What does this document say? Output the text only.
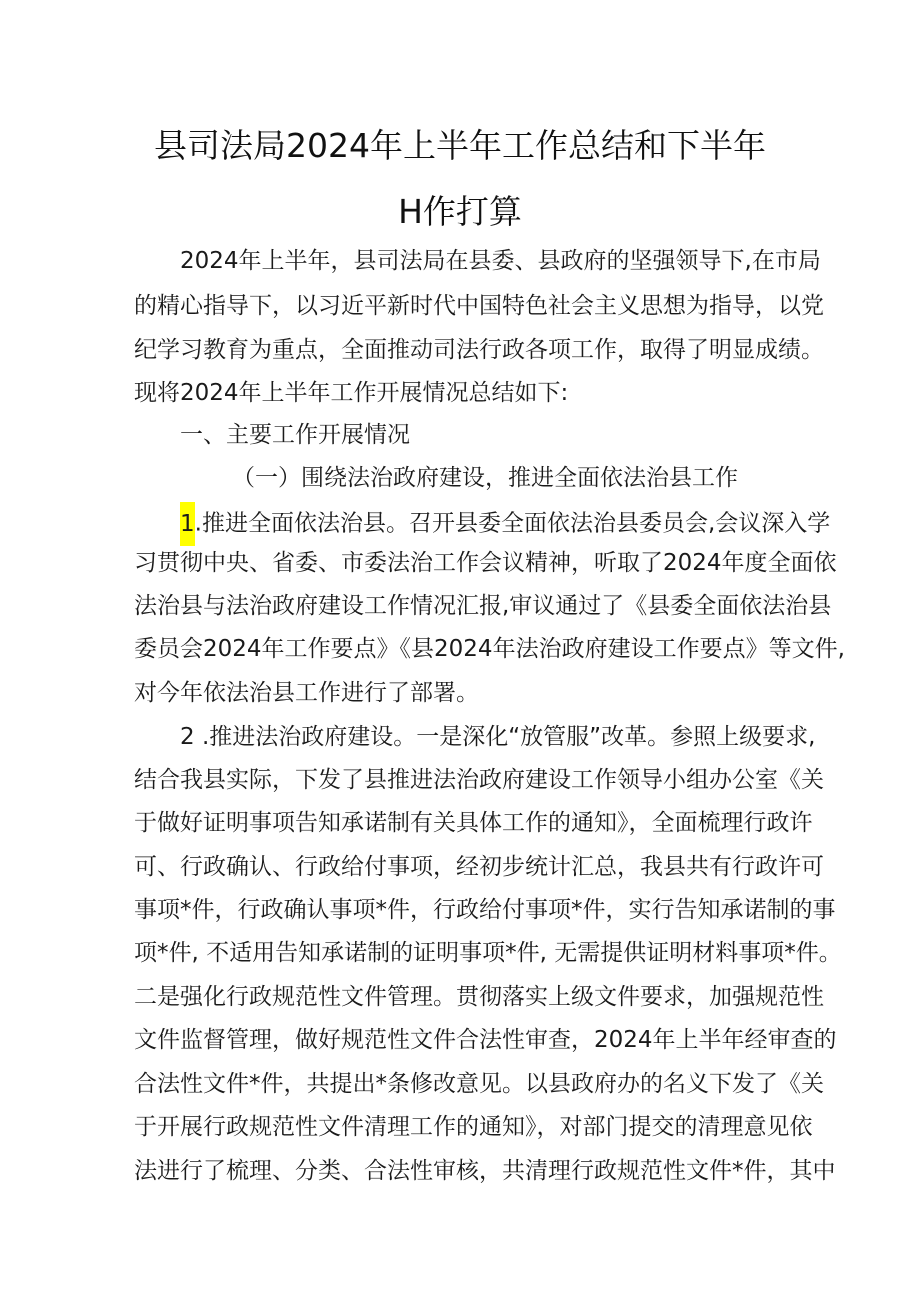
县司法局2024年上半年工作总结和下半年
H作打算
2024年上半年，县司法局在县委、县政府的坚强领导下,在市局
的精心指导下，以习近平新时代中国特色社会主义思想为指导，以党
纪学习教育为重点，全面推动司法行政各项工作，取得了明显成绩。
现将2024年上半年工作开展情况总结如下:
一、主要工作开展情况
（一）围绕法治政府建设，推进全面依法治县工作
1.推进全面依法治县。召开县委全面依法治县委员会,会议深入学
习贯彻中央、省委、市委法治工作会议精神，听取了2024年度全面依
法治县与法治政府建设工作情况汇报,审议通过了《县委全面依法治县
委员会2024年工作要点》《县2024年法治政府建设工作要点》等文件,
对今年依法治县工作进行了部署。
2 .推进法治政府建设。一是深化“放管服”改革。参照上级要求,
结合我县实际，下发了县推进法治政府建设工作领导小组办公室《关
于做好证明事项告知承诺制有关具体工作的通知》，全面梳理行政许
可、行政确认、行政给付事项，经初步统计汇总，我县共有行政许可
事项*件，行政确认事项*件，行政给付事项*件，实行告知承诺制的事
项*件, 不适用告知承诺制的证明事项*件, 无需提供证明材料事项*件。
二是强化行政规范性文件管理。贯彻落实上级文件要求，加强规范性
文件监督管理，做好规范性文件合法性审查，2024年上半年经审查的
合法性文件*件，共提出*条修改意见。以县政府办的名义下发了《关
于开展行政规范性文件清理工作的通知》，对部门提交的清理意见依
法进行了梳理、分类、合法性审核，共清理行政规范性文件*件，其中
